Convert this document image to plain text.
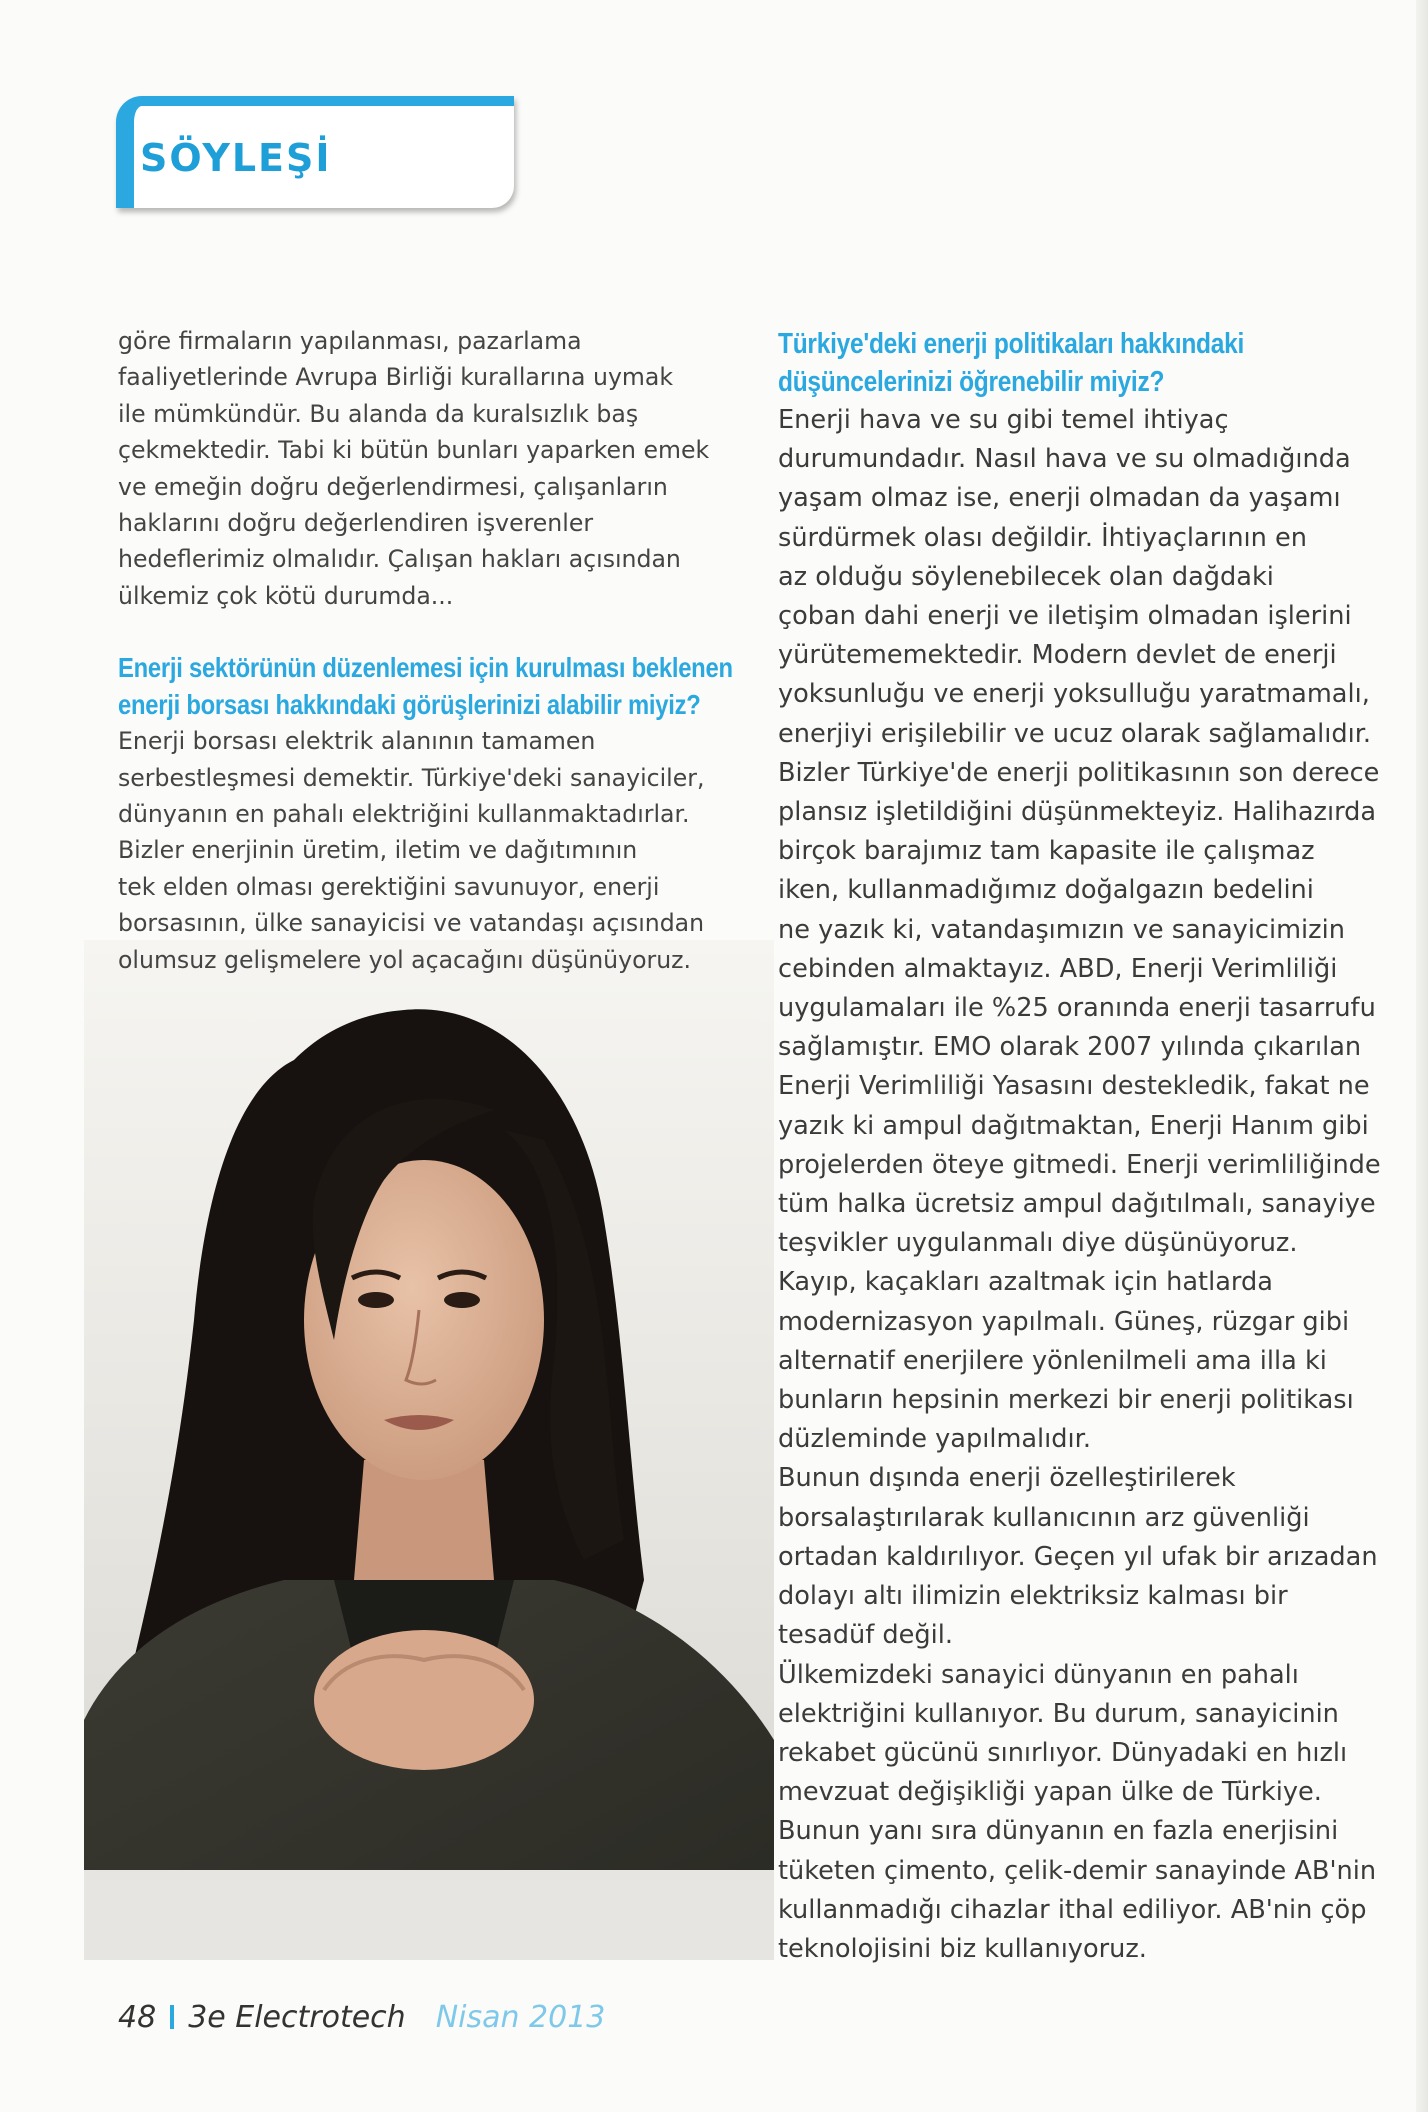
SÖYLEŞİ
göre firmaların yapılanması, pazarlama
faaliyetlerinde Avrupa Birliği kurallarına uymak
ile mümkündür. Bu alanda da kuralsızlık baş
çekmektedir. Tabi ki bütün bunları yaparken emek
ve emeğin doğru değerlendirmesi, çalışanların
haklarını doğru değerlendiren işverenler
hedeflerimiz olmalıdır. Çalışan hakları açısından
ülkemiz çok kötü durumda...
Enerji sektörünün düzenlemesi için kurulması beklenen
enerji borsası hakkındaki görüşlerinizi alabilir miyiz?
Enerji borsası elektrik alanının tamamen
serbestleşmesi demektir. Türkiye'deki sanayiciler,
dünyanın en pahalı elektriğini kullanmaktadırlar.
Bizler enerjinin üretim, iletim ve dağıtımının
tek elden olması gerektiğini savunuyor, enerji
borsasının, ülke sanayicisi ve vatandaşı açısından
olumsuz gelişmelere yol açacağını düşünüyoruz.
Türkiye'deki enerji politikaları hakkındaki
düşüncelerinizi öğrenebilir miyiz?
Enerji hava ve su gibi temel ihtiyaç
durumundadır. Nasıl hava ve su olmadığında
yaşam olmaz ise, enerji olmadan da yaşamı
sürdürmek olası değildir. İhtiyaçlarının en
az olduğu söylenebilecek olan dağdaki
çoban dahi enerji ve iletişim olmadan işlerini
yürütememektedir. Modern devlet de enerji
yoksunluğu ve enerji yoksulluğu yaratmamalı,
enerjiyi erişilebilir ve ucuz olarak sağlamalıdır.
Bizler Türkiye'de enerji politikasının son derece
plansız işletildiğini düşünmekteyiz. Halihazırda
birçok barajımız tam kapasite ile çalışmaz
iken, kullanmadığımız doğalgazın bedelini
ne yazık ki, vatandaşımızın ve sanayicimizin
cebinden almaktayız. ABD, Enerji Verimliliği
uygulamaları ile %25 oranında enerji tasarrufu
sağlamıştır. EMO olarak 2007 yılında çıkarılan
Enerji Verimliliği Yasasını destekledik, fakat ne
yazık ki ampul dağıtmaktan, Enerji Hanım gibi
projelerden öteye gitmedi. Enerji verimliliğinde
tüm halka ücretsiz ampul dağıtılmalı, sanayiye
teşvikler uygulanmalı diye düşünüyoruz.
Kayıp, kaçakları azaltmak için hatlarda
modernizasyon yapılmalı. Güneş, rüzgar gibi
alternatif enerjilere yönlenilmeli ama illa ki
bunların hepsinin merkezi bir enerji politikası
düzleminde yapılmalıdır.
Bunun dışında enerji özelleştirilerek
borsalaştırılarak kullanıcının arz güvenliği
ortadan kaldırılıyor. Geçen yıl ufak bir arızadan
dolayı altı ilimizin elektriksiz kalması bir
tesadüf değil.
Ülkemizdeki sanayici dünyanın en pahalı
elektriğini kullanıyor. Bu durum, sanayicinin
rekabet gücünü sınırlıyor. Dünyadaki en hızlı
mevzuat değişikliği yapan ülke de Türkiye.
Bunun yanı sıra dünyanın en fazla enerjisini
tüketen çimento, çelik-demir sanayinde AB'nin
kullanmadığı cihazlar ithal ediliyor. AB'nin çöp
teknolojisini biz kullanıyoruz.
48 3e Electrotech Nisan 2013
